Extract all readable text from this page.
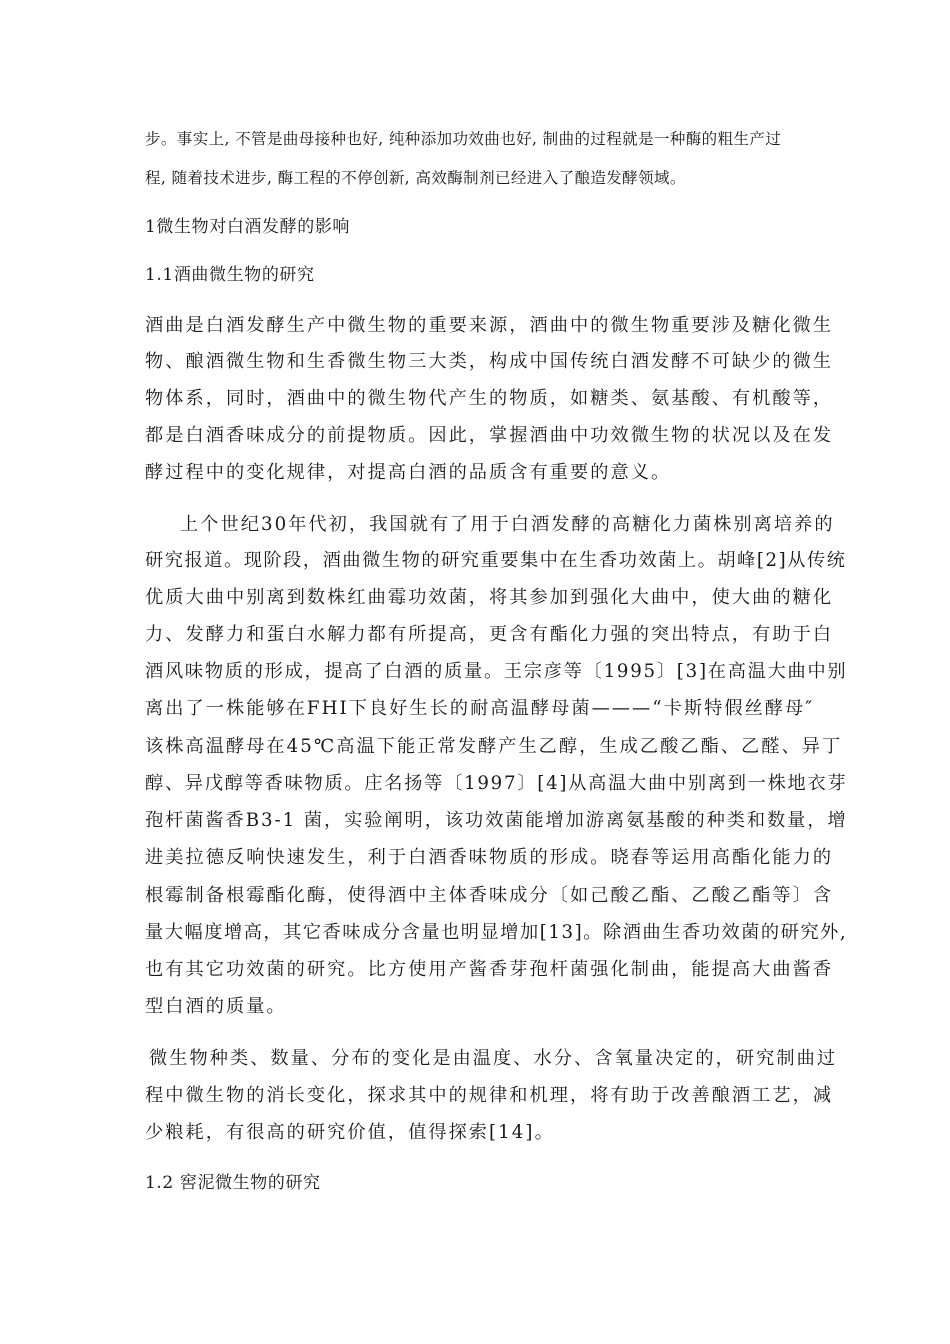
步。事实上, 不管是曲母接种也好, 纯种添加功效曲也好, 制曲的过程就是一种酶的粗生产过
程, 随着技术进步, 酶工程的不停创新, 高效酶制剂已经进入了酿造发酵领域。
1微生物对白酒发酵的影响
1.1酒曲微生物的研究
酒曲是白酒发酵生产中微生物的重要来源，酒曲中的微生物重要涉及糖化微生
物、酿酒微生物和生香微生物三大类，构成中国传统白酒发酵不可缺少的微生
物体系，同时，酒曲中的微生物代产生的物质，如糖类、氨基酸、有机酸等，
都是白酒香味成分的前提物质。因此，掌握酒曲中功效微生物的状况以及在发
酵过程中的变化规律，对提高白酒的品质含有重要的意义。
上个世纪30年代初，我国就有了用于白酒发酵的高糖化力菌株别离培养的
研究报道。现阶段，酒曲微生物的研究重要集中在生香功效菌上。胡峰[2]从传统
优质大曲中别离到数株红曲霉功效菌，将其参加到强化大曲中，使大曲的糖化
力、发酵力和蛋白水解力都有所提高，更含有酯化力强的突出特点，有助于白
酒风味物质的形成，提高了白酒的质量。王宗彦等〔1995〕[3]在高温大曲中别
离出了一株能够在FHI下良好生长的耐高温酵母菌———“卡斯特假丝酵母″
该株高温酵母在45℃高温下能正常发酵产生乙醇，生成乙酸乙酯、乙醛、异丁
醇、异戊醇等香味物质。庄名扬等〔1997〕[4]从高温大曲中别离到一株地衣芽
孢杆菌酱香B3-1 菌，实验阐明，该功效菌能增加游离氨基酸的种类和数量，增
进美拉德反响快速发生，利于白酒香味物质的形成。晓春等运用高酯化能力的
根霉制备根霉酯化酶，使得酒中主体香味成分〔如己酸乙酯、乙酸乙酯等〕含
量大幅度增高，其它香味成分含量也明显增加[13]。除酒曲生香功效菌的研究外,
也有其它功效菌的研究。比方使用产酱香芽孢杆菌强化制曲，能提高大曲酱香
型白酒的质量。
微生物种类、数量、分布的变化是由温度、水分、含氧量决定的，研究制曲过
程中微生物的消长变化，探求其中的规律和机理，将有助于改善酿酒工艺，减
少粮耗，有很高的研究价值，值得探索[14]。
1.2 窖泥微生物的研究
